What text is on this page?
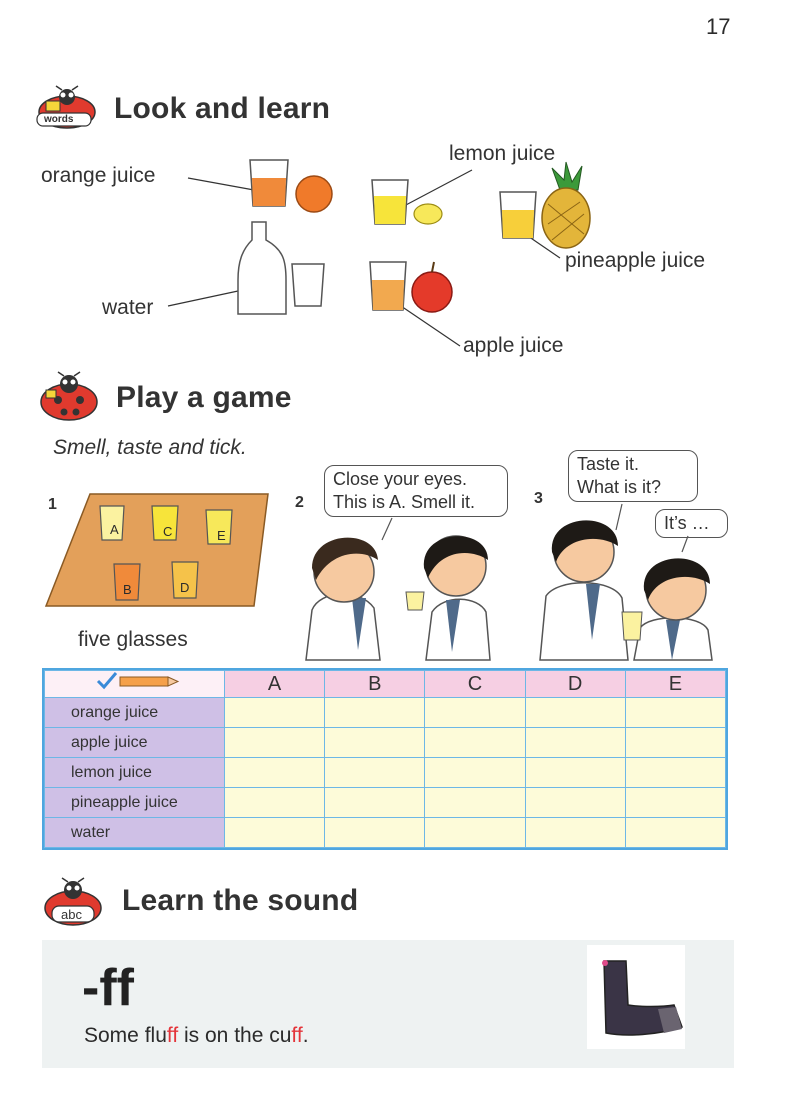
17
words Look and learn
orange juice
lemon juice
pineapple juice
water
apple juice
Play a game
Smell, taste and tick.
1	2	3
A	C	E
B	D
five glasses
Close your eyes.
This is A. Smell it.
Taste it.
What is it?
It’s …
	A	B	C	D	E
orange juice					
apple juice					
lemon juice					
pineapple juice					
water					
abc Learn the sound
-ff
Some fluff is on the cuff.
